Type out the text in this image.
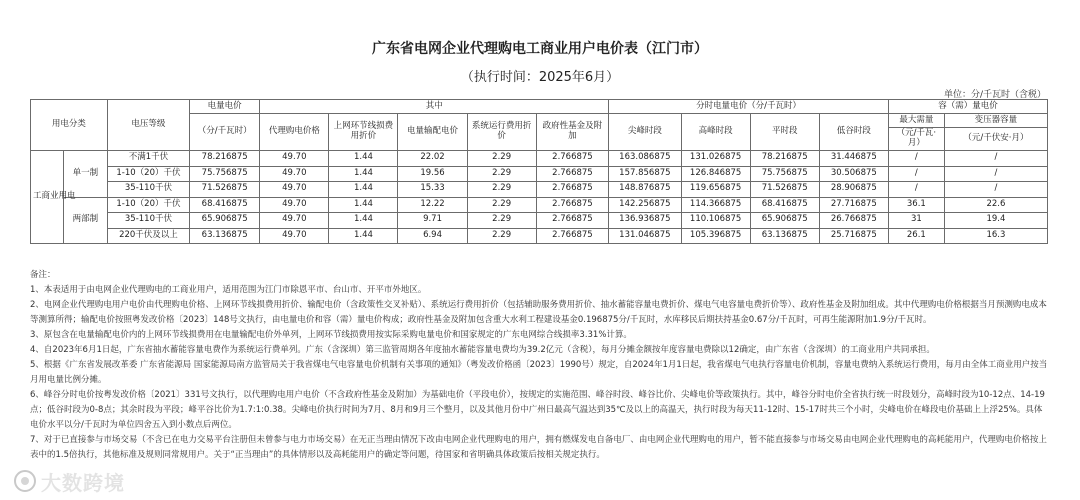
广东省电网企业代理购电工商业用户电价表（江门市）
（执行时间：2025年6月）
单位：分/千瓦时（含税）
用电分类		电压等级	电量电价	其中					分时电量电价（分/千瓦时）				容（需）量电价	
			（分/千瓦时）	代理购电价格	上网环节线损费用折价	电量输配电价	系统运行费用折价	政府性基金及附加	尖峰时段	高峰时段	平时段	低谷时段	最大需量	变压器容量
													（元/千瓦·月）	（元/千伏安·月）
工商业用电	单一制	不满1千伏	78.216875	49.70	1.44	22.02	2.29	2.766875	163.086875	131.026875	78.216875	31.446875	/	/
		1-10（20）千伏	75.756875	49.70	1.44	19.56	2.29	2.766875	157.856875	126.846875	75.756875	30.506875	/	/
		35-110千伏	71.526875	49.70	1.44	15.33	2.29	2.766875	148.876875	119.656875	71.526875	28.906875	/	/
	两部制	1-10（20）千伏	68.416875	49.70	1.44	12.22	2.29	2.766875	142.256875	114.366875	68.416875	27.716875	36.1	22.6
		35-110千伏	65.906875	49.70	1.44	9.71	2.29	2.766875	136.936875	110.106875	65.906875	26.766875	31	19.4
		220千伏及以上	63.136875	49.70	1.44	6.94	2.29	2.766875	131.046875	105.396875	63.136875	25.716875	26.1	16.3

备注：

1、本表适用于由电网企业代理购电的工商业用户，适用范围为江门市除恩平市、台山市、开平市外地区。

2、电网企业代理购电用户电价由代理购电价格、上网环节线损费用折价、输配电价（含政策性交叉补贴）、系统运行费用折价（包括辅助服务费用折价、抽水蓄能容量电费折价、煤电气电容量电费折价等）、政府性基金及附加组成。其中代理购电价格根据当月预测购电成本等测算所得；输配电价按照粤发改价格〔2023〕148号文执行，由电量电价和容（需）量电价构成；政府性基金及附加包含重大水利工程建设基金0.196875分/千瓦时，水库移民后期扶持基金0.67分/千瓦时，可再生能源附加1.9分/千瓦时。

3、原包含在电量输配电价内的上网环节线损费用在电量输配电价外单列，上网环节线损费用按实际采购电量电价和国家规定的广东电网综合线损率3.31%计算。

4、自2023年6月1日起，广东省抽水蓄能容量电费作为系统运行费单列。广东（含深圳）第三监管周期各年度抽水蓄能容量电费均为39.2亿元（含税），每月分摊金额按年度容量电费除以12确定，由广东省（含深圳）的工商业用户共同承担。

5、根据《广东省发展改革委 广东省能源局 国家能源局南方监管局关于我省煤电气电容量电价机制有关事项的通知》（粤发改价格函〔2023〕1990号）规定，自2024年1月1日起，我省煤电气电执行容量电价机制，容量电费纳入系统运行费用，每月由全体工商业用户按当月用电量比例分摊。

6、峰谷分时电价按粤发改价格〔2021〕331号文执行，以代理购电用户电价（不含政府性基金及附加）为基础电价（平段电价），按规定的实施范围、峰谷时段、峰谷比价、尖峰电价等政策执行。其中，峰谷分时电价全省执行统一时段划分，高峰时段为10-12点、14-19点；低谷时段为0-8点；其余时段为平段；峰平谷比价为1.7:1:0.38。尖峰电价执行时间为7月、8月和9月三个整月，以及其他月份中广州日最高气温达到35℃及以上的高温天，执行时段为每天11-12时、15-17时共三个小时，尖峰电价在峰段电价基础上上浮25%。具体电价水平以分/千瓦时为单位四舍五入到小数点后两位。

7、对于已直接参与市场交易（不含已在电力交易平台注册但未曾参与电力市场交易）在无正当理由情况下改由电网企业代理购电的用户，拥有燃煤发电自备电厂、由电网企业代理购电的用户，暂不能直接参与市场交易由电网企业代理购电的高耗能用户，代理购电价格按上表中的1.5倍执行，其他标准及规则同常规用户。关于“正当理由”的具体情形以及高耗能用户的确定等问题，待国家和省明确具体政策后按相关规定执行。

大数跨境
